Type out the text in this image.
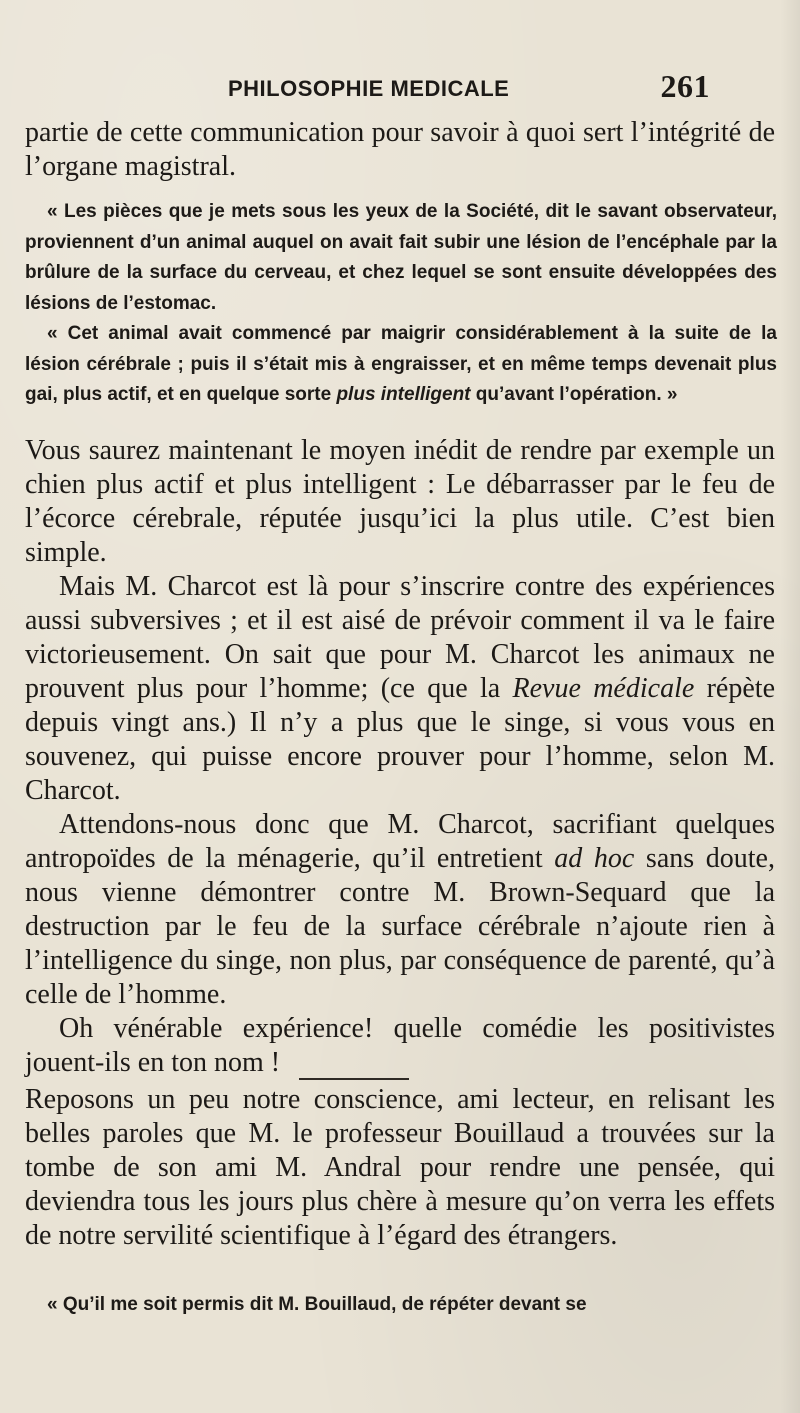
PHILOSOPHIE MEDICALE	261

partie de cette communication pour savoir à quoi sert l’intégrité de l’organe magistral.

« Les pièces que je mets sous les yeux de la Société, dit le savant observateur, proviennent d’un animal auquel on avait fait subir une lésion de l’encéphale par la brûlure de la surface du cerveau, et chez lequel se sont ensuite développées des lésions de l’estomac.

« Cet animal avait commencé par maigrir considérablement à la suite de la lésion cérébrale ; puis il s’était mis à engraisser, et en même temps devenait plus gai, plus actif, et en quelque sorte plus intelligent qu’avant l’opération. »

Vous saurez maintenant le moyen inédit de rendre par exemple un chien plus actif et plus intelligent : Le débarrasser par le feu de l’écorce cérebrale, réputée jusqu’ici la plus utile. C’est bien simple.

Mais M. Charcot est là pour s’inscrire contre des expériences aussi subversives ; et il est aisé de prévoir comment il va le faire victorieusement. On sait que pour M. Charcot les animaux ne prouvent plus pour l’homme; (ce que la Revue médicale répète depuis vingt ans.) Il n’y a plus que le singe, si vous vous en souvenez, qui puisse encore prouver pour l’homme, selon M. Charcot.

Attendons-nous donc que M. Charcot, sacrifiant quelques antropoïdes de la ménagerie, qu’il entretient ad hoc sans doute, nous vienne démontrer contre M. Brown-Sequard que la destruction par le feu de la surface cérébrale n’ajoute rien à l’intelligence du singe, non plus, par conséquence de parenté, qu’à celle de l’homme.

Oh vénérable expérience! quelle comédie les positivistes jouent-ils en ton nom !

Reposons un peu notre conscience, ami lecteur, en relisant les belles paroles que M. le professeur Bouillaud a trouvées sur la tombe de son ami M. Andral pour rendre une pensée, qui deviendra tous les jours plus chère à mesure qu’on verra les effets de notre servilité scientifique à l’égard des étrangers.

« Qu’il me soit permis dit M. Bouillaud, de répéter devant se
